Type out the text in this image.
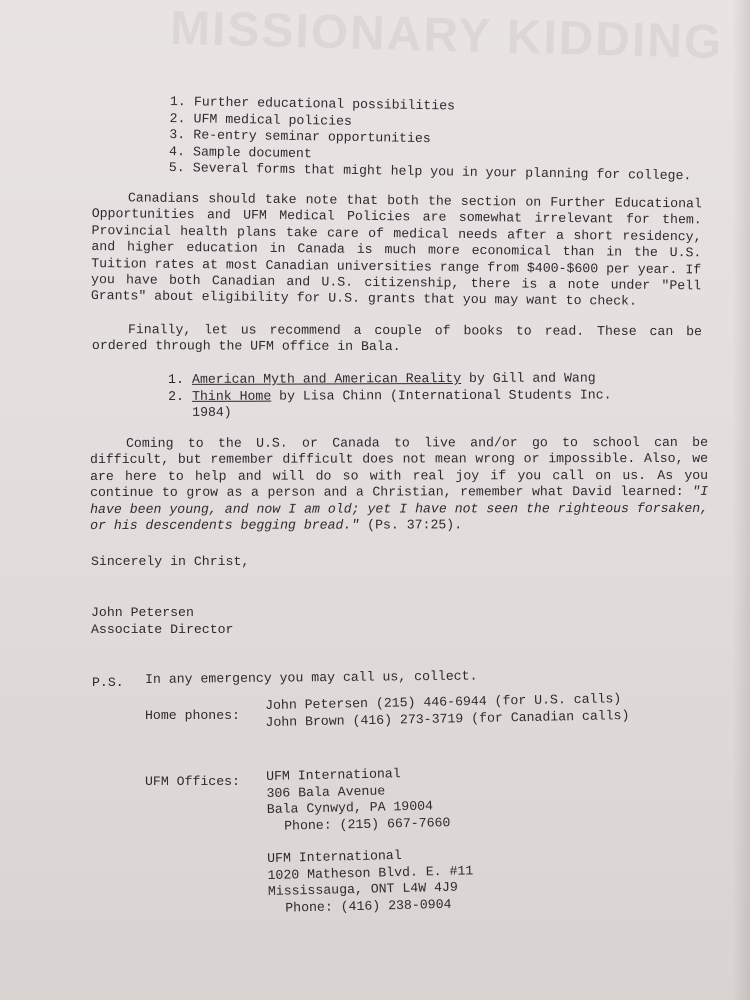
MISSIONARY KIDDING
1. Further educational possibilities
2. UFM medical policies
3. Re-entry seminar opportunities
4. Sample document
5. Several forms that might help you in your planning for college.
Canadians should take note that both the section on Further Educational Opportunities and UFM Medical Policies are somewhat irrelevant for them. Provincial health plans take care of medical needs after a short residency, and higher education in Canada is much more economical than in the U.S. Tuition rates at most Canadian universities range from $400-$600 per year. If you have both Canadian and U.S. citizenship, there is a note under "Pell Grants" about eligibility for U.S. grants that you may want to check.
Finally, let us recommend a couple of books to read. These can be ordered through the UFM office in Bala.
1. American Myth and American Reality by Gill and Wang
2. Think Home by Lisa Chinn (International Students Inc.
1984)
Coming to the U.S. or Canada to live and/or go to school can be difficult, but remember difficult does not mean wrong or impossible. Also, we are here to help and will do so with real joy if you call on us. As you continue to grow as a person and a Christian, remember what David learned: "I have been young, and now I am old; yet I have not seen the righteous forsaken, or his descendents begging bread." (Ps. 37:25).
Sincerely in Christ,
John Petersen
Associate Director
P.S. In any emergency you may call us, collect.
Home phones:
John Petersen (215) 446-6944 (for U.S. calls)
John Brown (416) 273-3719 (for Canadian calls)
UFM Offices: UFM International
306 Bala Avenue
Bala Cynwyd, PA 19004
Phone: (215) 667-7660
UFM International
1020 Matheson Blvd. E. #11
Mississauga, ONT L4W 4J9
Phone: (416) 238-0904
